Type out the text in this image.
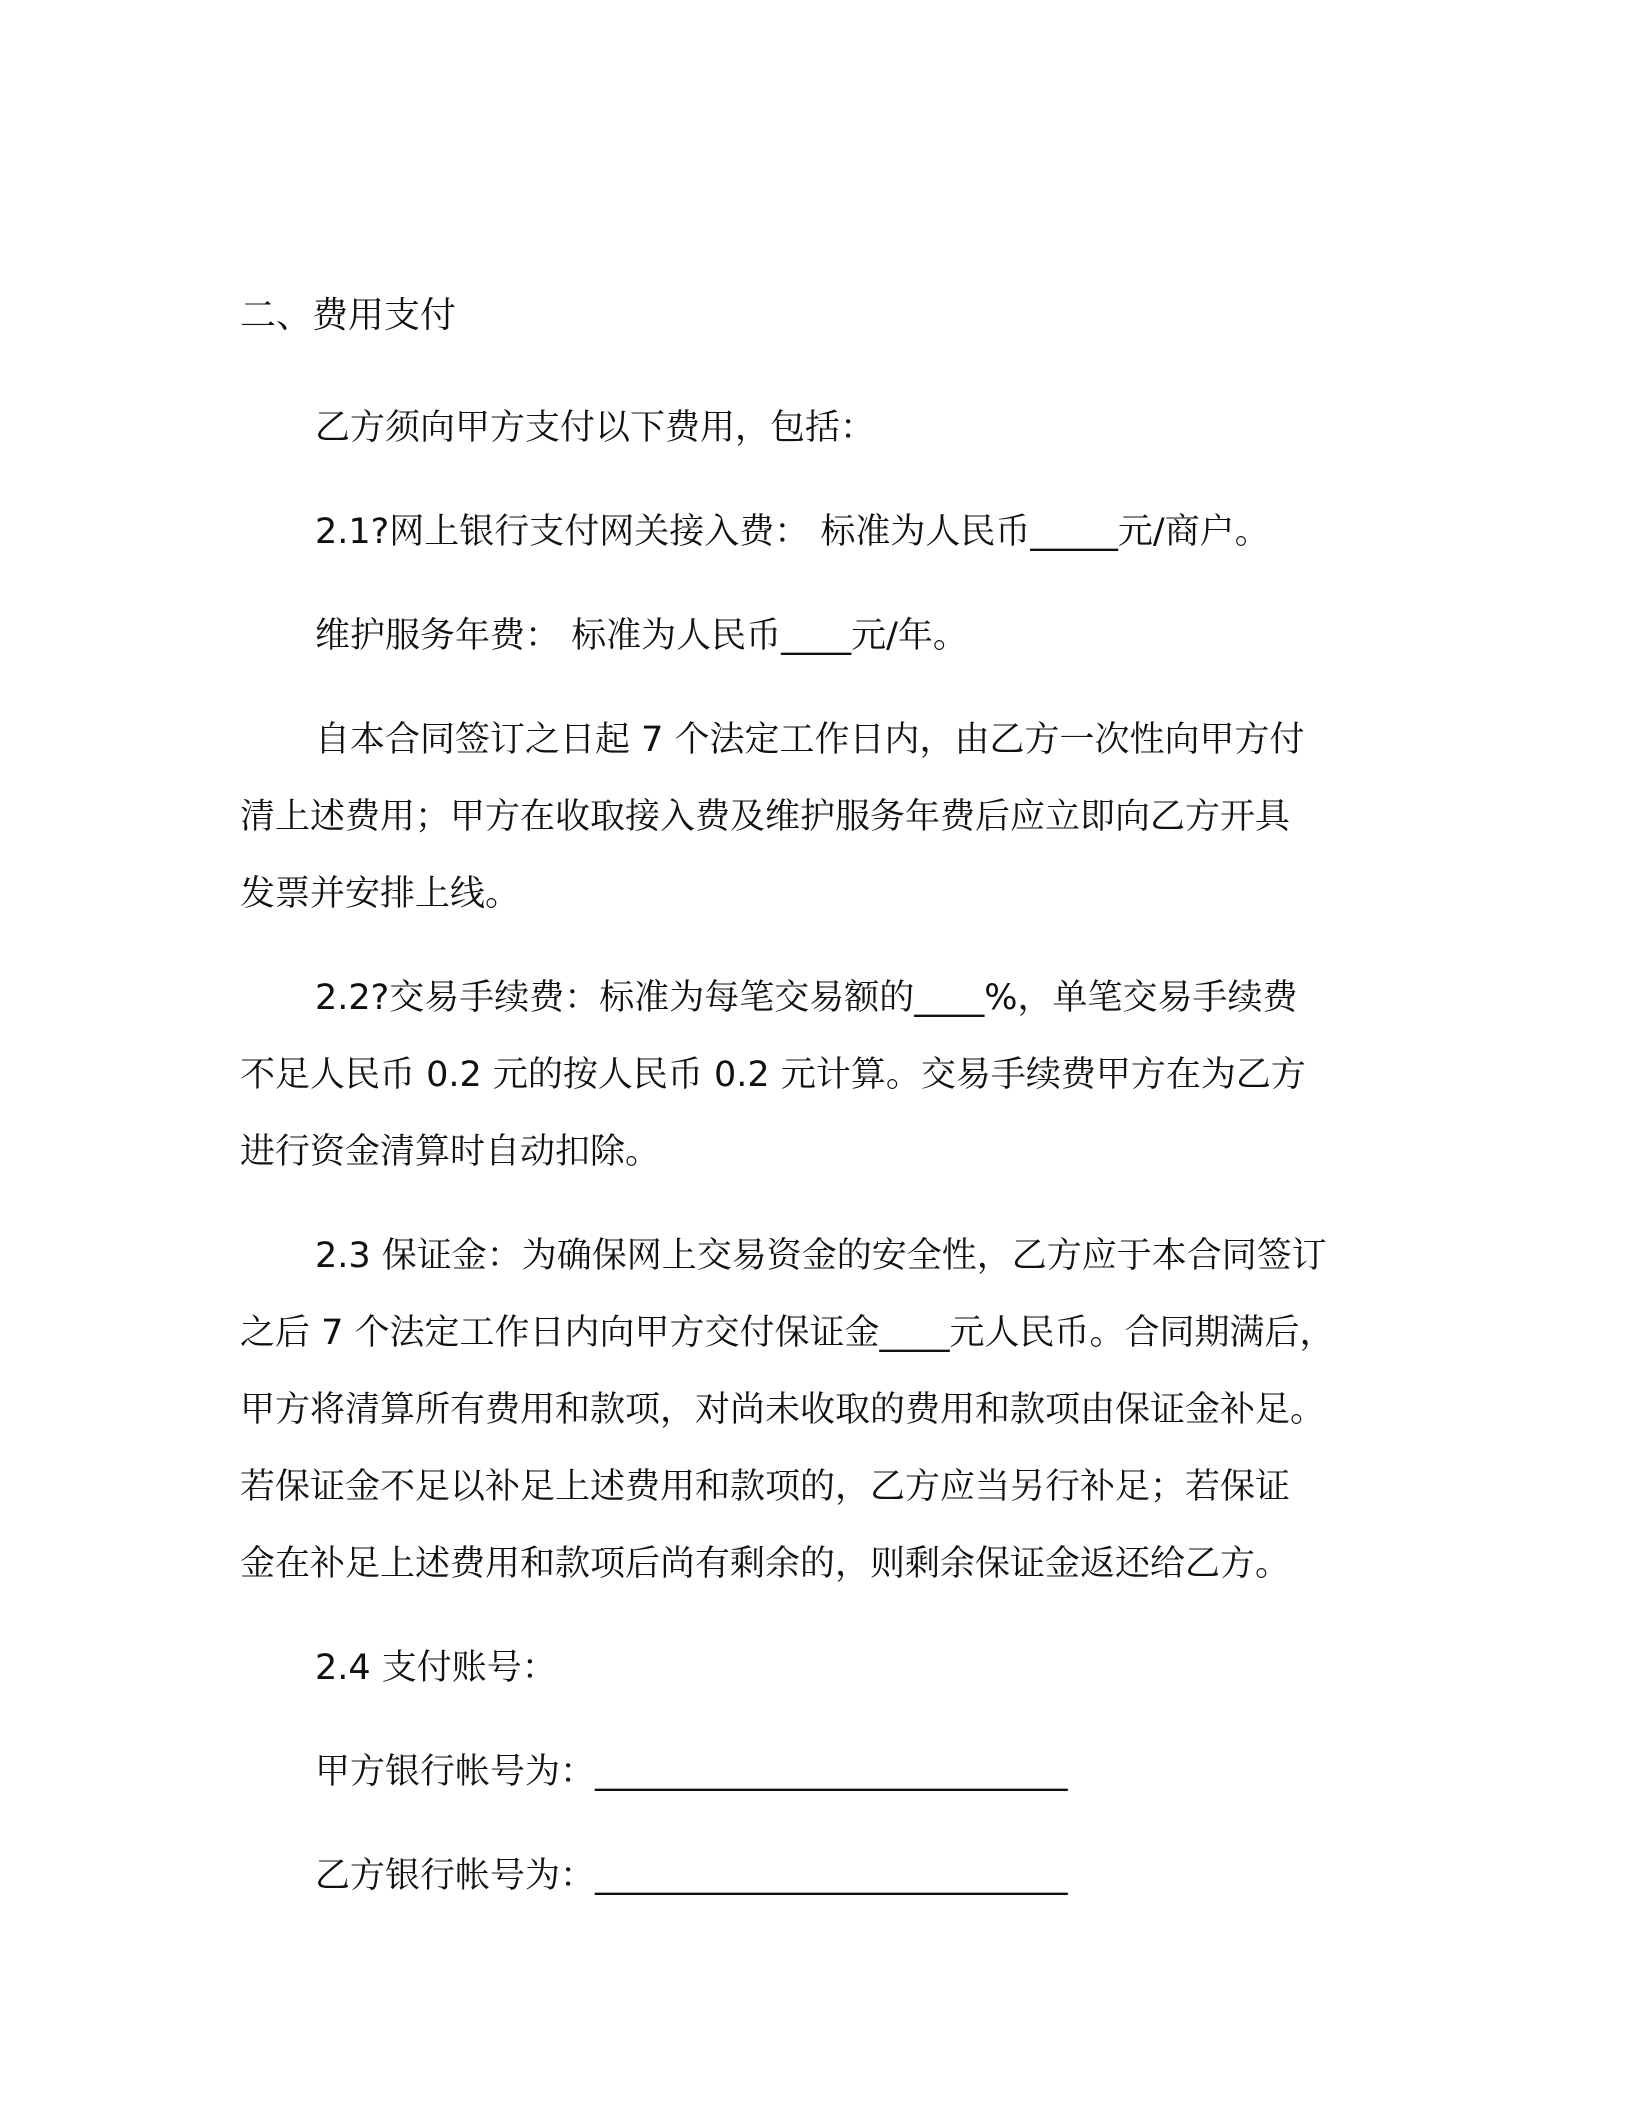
二、费用支付

乙方须向甲方支付以下费用，包括：

2.1?网上银行支付网关接入费： 标准为人民币_____元/商户。

维护服务年费： 标准为人民币____元/年。

自本合同签订之日起 7 个法定工作日内，由乙方一次性向甲方付

清上述费用；甲方在收取接入费及维护服务年费后应立即向乙方开具

发票并安排上线。

2.2?交易手续费：标准为每笔交易额的____%，单笔交易手续费

不足人民币 0.2 元的按人民币 0.2 元计算。交易手续费甲方在为乙方

进行资金清算时自动扣除。

2.3 保证金：为确保网上交易资金的安全性，乙方应于本合同签订

之后 7 个法定工作日内向甲方交付保证金____元人民币。合同期满后，

甲方将清算所有费用和款项，对尚未收取的费用和款项由保证金补足。

若保证金不足以补足上述费用和款项的，乙方应当另行补足；若保证

金在补足上述费用和款项后尚有剩余的，则剩余保证金返还给乙方。

2.4 支付账号：

甲方银行帐号为：___________________________

乙方银行帐号为：___________________________
